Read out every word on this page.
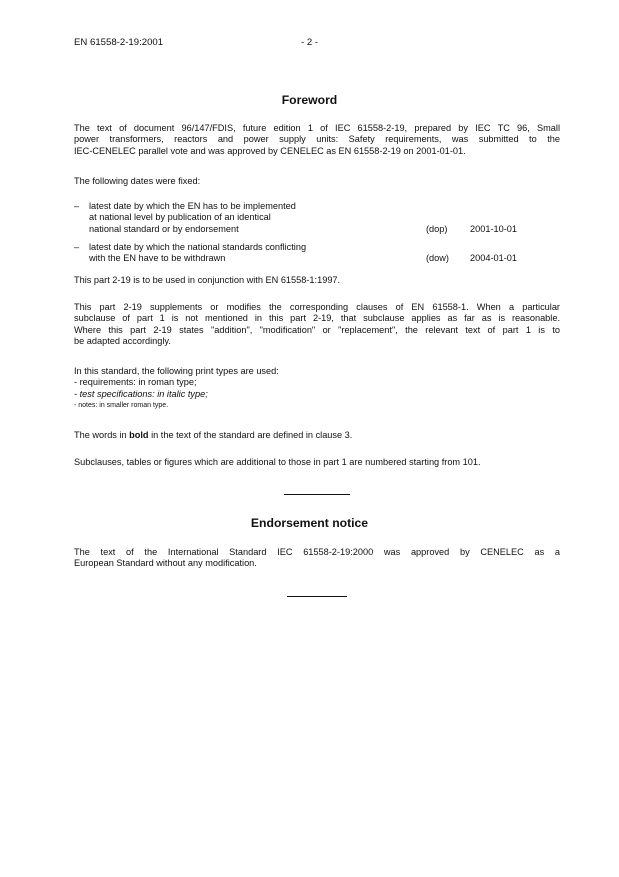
EN 61558-2-19:2001	- 2 -
Foreword
The text of document 96/147/FDIS, future edition 1 of IEC 61558-2-19, prepared by IEC TC 96, Small
power transformers, reactors and power supply units: Safety requirements, was submitted to the
IEC-CENELEC parallel vote and was approved by CENELEC as EN 61558-2-19 on 2001-01-01.
The following dates were fixed:
– latest date by which the EN has to be implemented
at national level by publication of an identical
national standard or by endorsement	(dop) 2001-10-01
– latest date by which the national standards conflicting
with the EN have to be withdrawn	(dow) 2004-01-01
This part 2-19 is to be used in conjunction with EN 61558-1:1997.
This part 2-19 supplements or modifies the corresponding clauses of EN 61558-1. When a particular
subclause of part 1 is not mentioned in this part 2-19, that subclause applies as far as is reasonable.
Where this part 2-19 states "addition", "modification" or "replacement", the relevant text of part 1 is to
be adapted accordingly.
In this standard, the following print types are used:
- requirements: in roman type;
- test specifications: in italic type;
- notes: in smaller roman type.
The words in bold in the text of the standard are defined in clause 3.
Subclauses, tables or figures which are additional to those in part 1 are numbered starting from 101.
Endorsement notice
The text of the International Standard IEC 61558-2-19:2000 was approved by CENELEC as a
European Standard without any modification.
